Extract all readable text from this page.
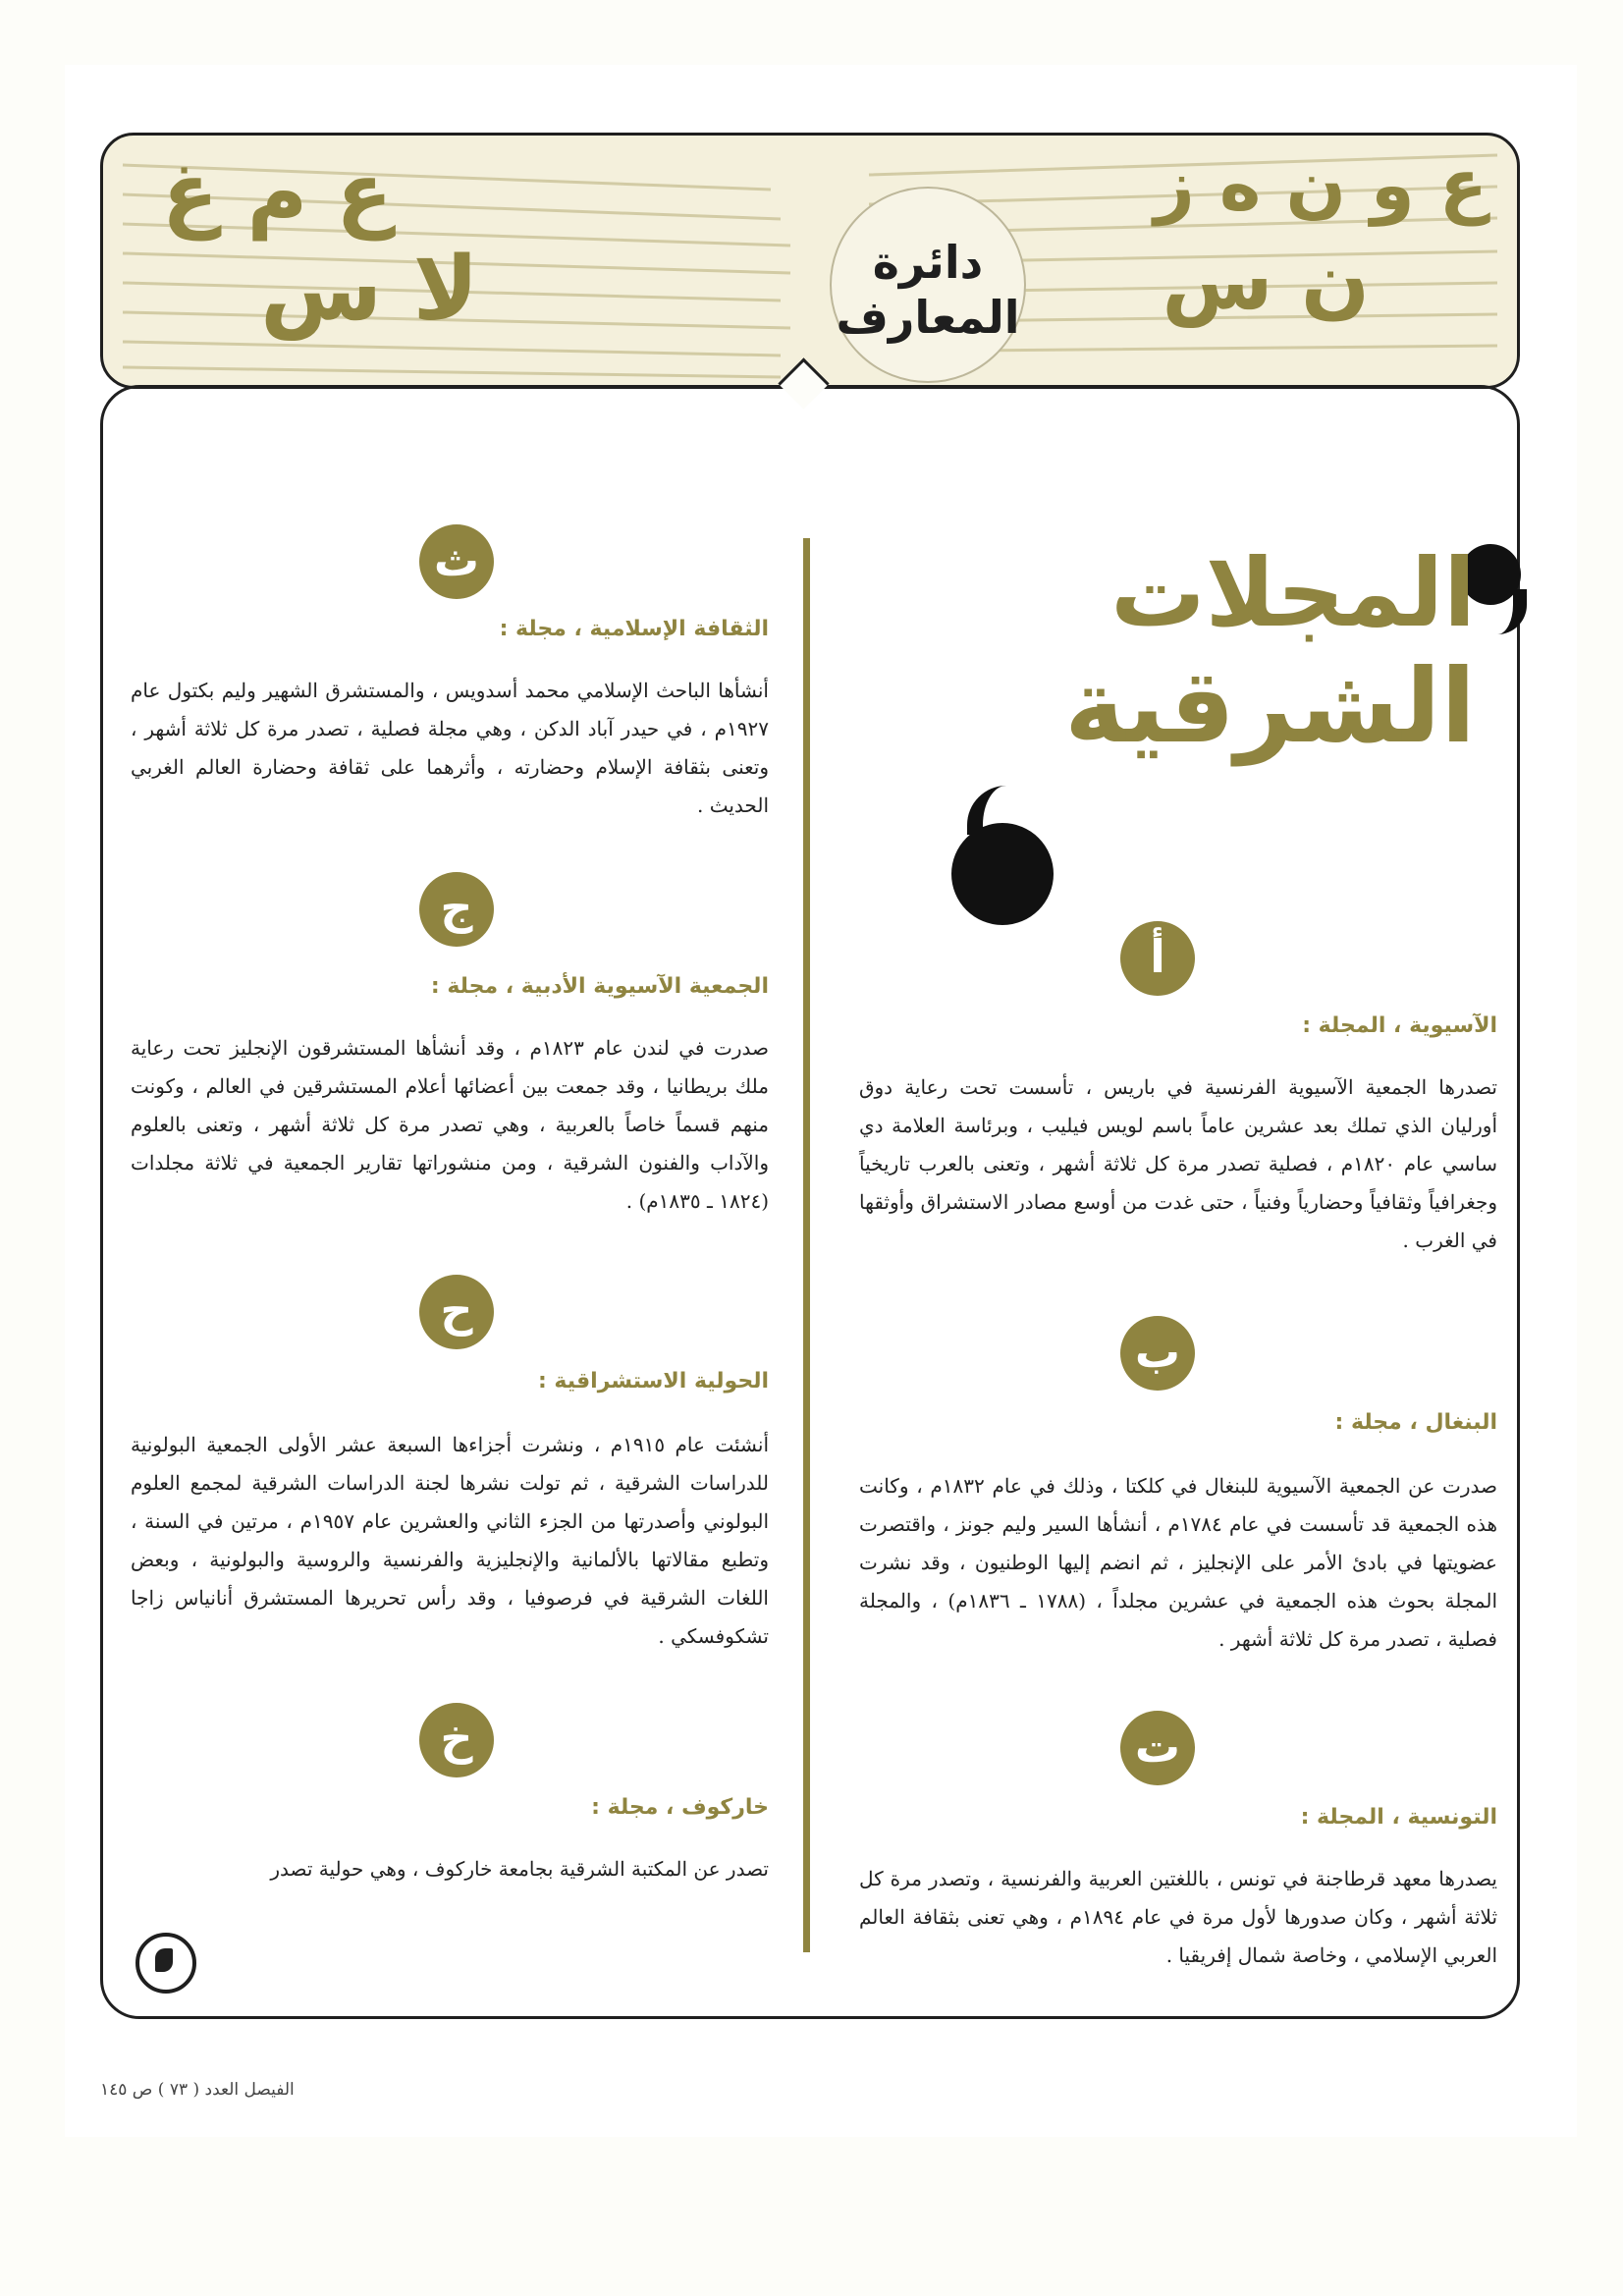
ع و ن ه ز
ن س
ع م غ
لا س	دائرة
المعارف
المجلات
الشرقية
أ
الآسيوية ، المجلة :
تصدرها الجمعية الآسيوية الفرنسية في باريس ، تأسست تحت رعاية دوق أورليان الذي تملك بعد عشرين عاماً باسم لويس فيليب ، وبرئاسة العلامة دي ساسي عام ١٨٢٠م ، فصلية تصدر مرة كل ثلاثة أشهر ، وتعنى بالعرب تاريخياً وجغرافياً وثقافياً وحضارياً وفنياً ، حتى غدت من أوسع مصادر الاستشراق وأوثقها في الغرب .
ب
البنغال ، مجلة :
صدرت عن الجمعية الآسيوية للبنغال في كلكتا ، وذلك في عام ١٨٣٢م ، وكانت هذه الجمعية قد تأسست في عام ١٧٨٤م ، أنشأها السير وليم جونز ، واقتصرت عضويتها في بادئ الأمر على الإنجليز ، ثم انضم إليها الوطنيون ، وقد نشرت المجلة بحوث هذه الجمعية في عشرين مجلداً ، (١٧٨٨ ـ ١٨٣٦م) ، والمجلة فصلية ، تصدر مرة كل ثلاثة أشهر .
ت
التونسية ، المجلة :
يصدرها معهد قرطاجنة في تونس ، باللغتين العربية والفرنسية ، وتصدر مرة كل ثلاثة أشهر ، وكان صدورها لأول مرة في عام ١٨٩٤م ، وهي تعنى بثقافة العالم العربي الإسلامي ، وخاصة شمال إفريقيا .
ث
الثقافة الإسلامية ، مجلة :
أنشأها الباحث الإسلامي محمد أسدويس ، والمستشرق الشهير وليم بكتول عام ١٩٢٧م ، في حيدر آباد الدكن ، وهي مجلة فصلية ، تصدر مرة كل ثلاثة أشهر ، وتعنى بثقافة الإسلام وحضارته ، وأثرهما على ثقافة وحضارة العالم الغربي الحديث .
ج
الجمعية الآسيوية الأدبية ، مجلة :
صدرت في لندن عام ١٨٢٣م ، وقد أنشأها المستشرقون الإنجليز تحت رعاية ملك بريطانيا ، وقد جمعت بين أعضائها أعلام المستشرقين في العالم ، وكونت منهم قسماً خاصاً بالعربية ، وهي تصدر مرة كل ثلاثة أشهر ، وتعنى بالعلوم والآداب والفنون الشرقية ، ومن منشوراتها تقارير الجمعية في ثلاثة مجلدات (١٨٢٤ ـ ١٨٣٥م) .
ح
الحولية الاستشراقية :
أنشئت عام ١٩١٥م ، ونشرت أجزاءها السبعة عشر الأولى الجمعية البولونية للدراسات الشرقية ، ثم تولت نشرها لجنة الدراسات الشرقية لمجمع العلوم البولوني وأصدرتها من الجزء الثاني والعشرين عام ١٩٥٧م ، مرتين في السنة ، وتطبع مقالاتها بالألمانية والإنجليزية والفرنسية والروسية والبولونية ، وبعض اللغات الشرقية في فرصوفيا ، وقد رأس تحريرها المستشرق أنانياس زاجا تشكوفسكي .
خ
خاركوف ، مجلة :
تصدر عن المكتبة الشرقية بجامعة خاركوف ، وهي حولية تصدر
الفيصل العدد ( ٧٣ ) ص ١٤٥
